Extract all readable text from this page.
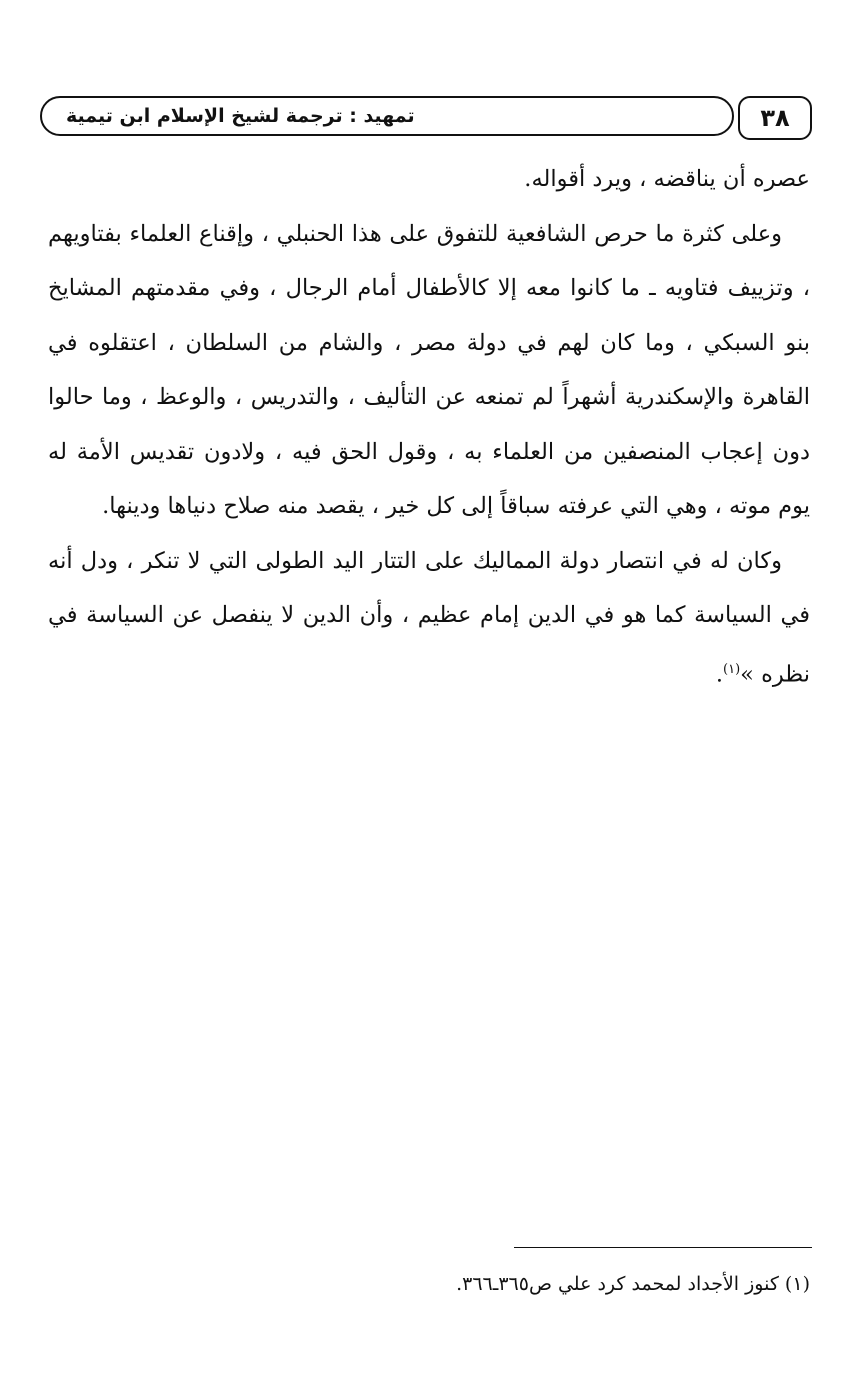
٣٨
تمهيد : ترجمة لشيخ الإسلام ابن تيمية

عصره أن يناقضه ، ويرد أقواله.

وعلى كثرة ما حرص الشافعية للتفوق على هذا الحنبلي ، وإقناع العلماء بفتاويهم ، وتزييف فتاويه ـ ما كانوا معه إلا كالأطفال أمام الرجال ، وفي مقدمتهم المشايخ بنو السبكي ، وما كان لهم في دولة مصر ، والشام من السلطان ، اعتقلوه في القاهرة والإسكندرية أشهراً لم تمنعه عن التأليف ، والتدريس ، والوعظ ، وما حالوا دون إعجاب المنصفين من العلماء به ، وقول الحق فيه ، ولادون تقديس الأمة له يوم موته ، وهي التي عرفته سباقاً إلى كل خير ، يقصد منه صلاح دنياها ودينها.

وكان له في انتصار دولة المماليك على التتار اليد الطولى التي لا تنكر ، ودل أنه في السياسة كما هو في الدين إمام عظيم ، وأن الدين لا ينفصل عن السياسة في نظره »$^{(١)}$.

(١) كنوز الأجداد لمحمد كرد علي ص٣٦٥ـ٣٦٦.
